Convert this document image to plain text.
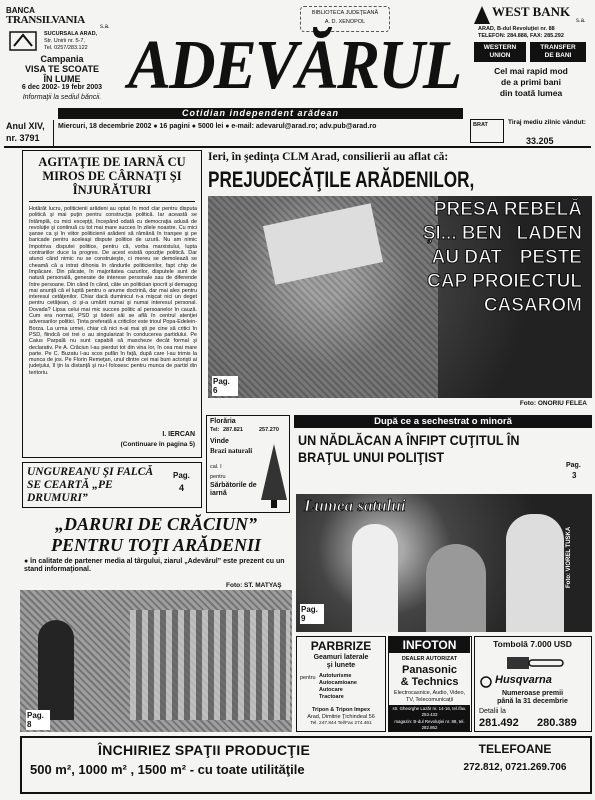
BANCA
TRANSILVANIA
s.a.
SUCURSALA ARAD,
Str. Unirii nr. 5-7,
Tel. 0257/283.122
Campania
VISA TE SCOATE
ÎN LUME
6 dec 2002- 19 febr 2003
Informaţii la sediul băncii.
BIBLIOTECA JUDEŢEANĂ
A. D. XENOPOL
ADEVĂRUL
Cotidian independent arădean
WEST BANK
s.a.
ARAD, B-dul Revoluţiei nr. 88
TELEFON: 284.888, FAX: 285.292
WESTERN
UNION
TRANSFER
DE BANI
Cel mai rapid mod
de a primi bani
din toată lumea
Anul XIV,
nr. 3791
Miercuri, 18 decembrie 2002 ● 16 pagini ● 5000 lei ● e-mail: adevarul@arad.ro; adv.pub@arad.ro	BRAT	Tiraj mediu zilnic vândut:
33.205
AGITAŢIE DE IARNĂ CU MIROS DE CÂRNAŢI ŞI ÎNJURĂTURI
Hotărât lucru, politicienii arădeni au optat în mod clar pentru disputa politică şi mai puţin pentru construcţia politică. Iar această se întâmplă, cu mici excepţii, începând odată cu democraţia adusă de revoluţie şi continuă cu tot mai mare succes în zilele noastre. Cu mici şanse ca şi în viitor politicienii arădeni să rămână în tranşee şi pe baricade pentru aceleaşi dispute politice de uzură. Nu am nimic împotriva disputei politice, pentru că, vorba marxistului, lupta contrariilor duce la progres. De acest esistă opoziţie politică. Dar atunci când nimic nu se construieşte, ci mereu se demolează se cheamă că a intrat dihonia în rândurile politicienilor, fapt chip de împăcare. Din păcate, în majoritatea cazurilor, disputele sunt de natură personală, generate de interese personale sau de diferende între persoane. Din când în când, câte un politician ipocrit şi demagog mai anunţă că el luptă pentru o anume doctrină, dar mai ales pentru interesul cetăţenilor. Chiar dacă duminicul n-a mişcat nici un deget pentru cetăţean, ci şi-a umărit numai şi numai interesul personal. Dovada? Lipsa celui mai mic succes politic al persoanelor în cauză. Cum era normal, PSD şi liderii săi se află în centrul atenţiei adversarilor politici. Ţinta preferată a criticilor este trioul Popa-Edelein-Borza. La urma urmei, chiar că nici n-ai mai şti pe cine să critici în PSD, fiindcă cei trei o au singularizat în conducerea partidului. Pe Caius Parpală nu sunt capabili să mascheze decât formal şi declarativ. Pe A. Crăciun l-au pierdut tot din vina lor, în cea mai mare parte. Pe C. Buzatu l-au scos pufăn în faţă, după care l-au trimis la munca de jos. Pe Florin Remeţan, unul dintre cei mai buni actorişti ai judeţului, îl ţin la distanţă şi nu-l folosesc pentru munca de partid din teritoriu.
I. IERCAN
(Continuare în pagina 5)
Ieri, în şedinţa CLM Arad, consilierii au aflat că:
PREJUDECĂŢILE ARĂDENILOR,
PRESA REBELĂ
ŞI... BEN LADEN
AU DAT PESTE
CAP PROIECTUL
CASAROM
Pag.
6
Foto: ONORIU FELEA
UNGUREANU ŞI FALCĂ SE CEARTĂ „PE DRUMURI”
Pag.
4
Florăria
Tel: 287.821	257.270
Vinde
Brazi naturali
cal. I
pentru
Sărbătorile de iarnă
După ce a sechestrat o minoră
UN NĂDLĂCAN A ÎNFIPT CUŢITUL ÎN BRAŢUL UNUI POLIŢIST
Pag.
3
„DARURI DE CRĂCIUN” PENTRU TOŢI ARĂDENII
● în calitate de partener media al târgului, ziarul „Adevărul” este prezent cu un stand informaţional.
Foto: ST. MATYAŞ
Pag.
8
Lumea satului
Pag.
9
Foto: VIOREL TUSKA
PARBRIZE
Geamuri laterale
şi lunete
pentru Autoturisme
Autocamioane
Autocare
Tractoare
Tripon & Tripon Impex
Arad, Dimitrie Ţichindeal 56
Tel. 247.844 Tel/Fax 274.461
INFOTON
DEALER AUTORIZAT
Panasonic
& Technics
Electrocasnice, Audio, Video, TV, Telecomunicaţii
str. Gheorghe Lazăr nr. 14-16, tel./fax. 253.433
magazin: B-dul Revoluţiei nr. 88, tel. 282.862
Tombolă 7.000 USD
Husqvarna
Numeroase premii
până la 31 decembrie
Detalii la
281.492 280.389
ÎNCHIRIEZ SPAŢII PRODUCŢIE
500 m², 1000 m² , 1500 m² - cu toate utilităţile
TELEFOANE
272.812, 0721.269.706
